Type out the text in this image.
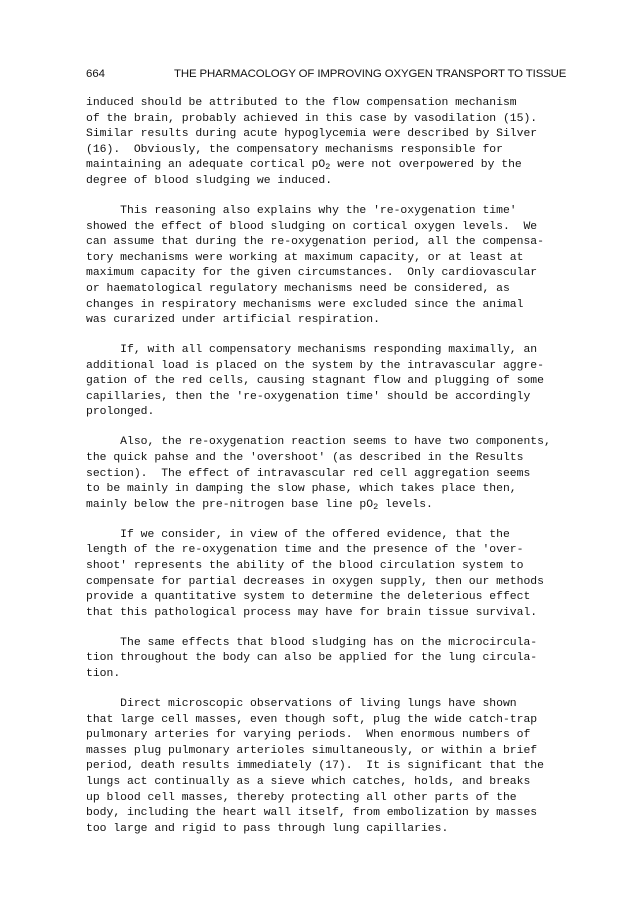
664	THE PHARMACOLOGY OF IMPROVING OXYGEN TRANSPORT TO TISSUE
induced should be attributed to the flow compensation mechanism
of the brain, probably achieved in this case by vasodilation (15).
Similar results during acute hypoglycemia were described by Silver
(16).  Obviously, the compensatory mechanisms responsible for
maintaining an adequate cortical $pO_2$ were not overpowered by the
degree of blood sludging we induced.
This reasoning also explains why the 're-oxygenation time'
showed the effect of blood sludging on cortical oxygen levels.  We
can assume that during the re-oxygenation period, all the compensa-
tory mechanisms were working at maximum capacity, or at least at
maximum capacity for the given circumstances.  Only cardiovascular
or haematological regulatory mechanisms need be considered, as
changes in respiratory mechanisms were excluded since the animal
was curarized under artificial respiration.
If, with all compensatory mechanisms responding maximally, an
additional load is placed on the system by the intravascular aggre-
gation of the red cells, causing stagnant flow and plugging of some
capillaries, then the 're-oxygenation time' should be accordingly
prolonged.
Also, the re-oxygenation reaction seems to have two components,
the quick pahse and the 'overshoot' (as described in the Results
section).  The effect of intravascular red cell aggregation seems
to be mainly in damping the slow phase, which takes place then,
mainly below the pre-nitrogen base line $pO_2$ levels.
If we consider, in view of the offered evidence, that the
length of the re-oxygenation time and the presence of the 'over-
shoot' represents the ability of the blood circulation system to
compensate for partial decreases in oxygen supply, then our methods
provide a quantitative system to determine the deleterious effect
that this pathological process may have for brain tissue survival.
The same effects that blood sludging has on the microcircula-
tion throughout the body can also be applied for the lung circula-
tion.
Direct microscopic observations of living lungs have shown
that large cell masses, even though soft, plug the wide catch-trap
pulmonary arteries for varying periods.  When enormous numbers of
masses plug pulmonary arterioles simultaneously, or within a brief
period, death results immediately (17).  It is significant that the
lungs act continually as a sieve which catches, holds, and breaks
up blood cell masses, thereby protecting all other parts of the
body, including the heart wall itself, from embolization by masses
too large and rigid to pass through lung capillaries.
